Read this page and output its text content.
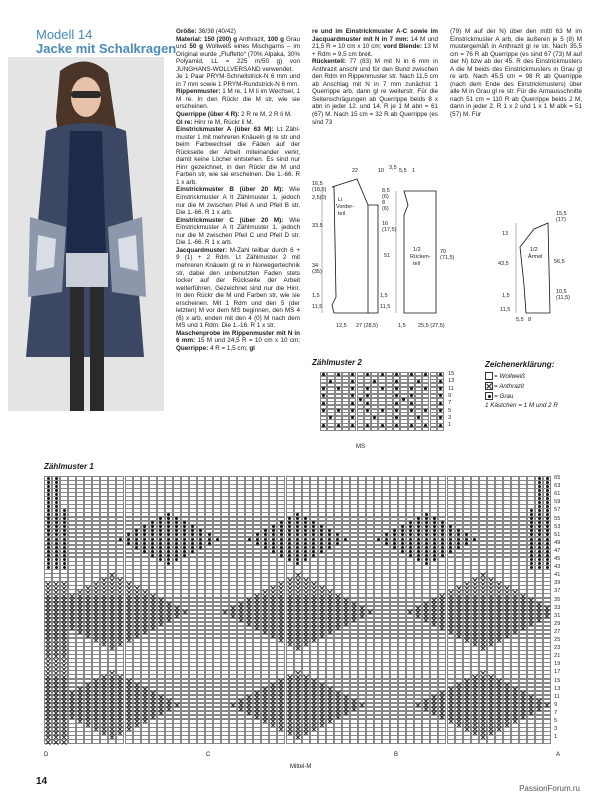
Modell 14
Jacke mit Schalkragen

Größe: 36/38 (40/42)

Material: 150 (200) g Anthrazit, 100 g Grau und 50 g Wollweiß eines Mischgarns – im Original wurde „Fluffetto“ (70% Alpaka, 30% Polyamid, LL = 225 m/50 g) von JUNGHANS-WOLLVERSAND verwendet.

Je 1 Paar PRYM-Schnellstrick-N 6 mm und in 7 mm sowie 1 PRYM-Rundstrick-N 6 mm.

Rippenmuster: 1 M re, 1 M li im Wechsel, 1 M re. In den Rückr die M str, wie sie erscheinen.

Querrippe (über 4 R): 2 R re M, 2 R li M.

Gl re: Hinr re M, Rückr li M.

Einstrickmuster A (über 63 M): Lt Zähl-muster 1 mit mehreren Knäueln gl re str und beim Farbwechsel die Fäden auf der Rückseite der Arbeit miteinander verkr, damit keine Löcher entstehen. Es sind nur Hinr gezeichnet, in den Rückr die M und Farben str, wie sie erscheinen. Die 1.-66. R 1 x arb.

Einstrickmuster B (über 20 M): Wie Einstrickmuster A lt Zählmuster 1, jedoch nur die M zwischen Pfeil A und Pfeil B str. Die 1.-66. R 1 x arb.

Einstrickmuster C (über 20 M): Wie Einstrickmuster A lt Zählmuster 1, jedoch nur die M zwischen Pfeil C und Pfeil D str. Die 1.-66. R 1 x arb.

Jacquardmuster: M-Zahl teilbar durch 6 + 9 (1) + 2 Rdm. Lt Zählmuster 2 mit mehreren Knäueln gl re in Norwegertechnik str, dabei den unbenutzten Faden stets locker auf der Rückseite der Arbeit weiterführen. Gezeichnet sind nur die Hinr. In den Rückr die M und Farben str, wie sie erscheinen. Mit 1 Rdm und den 5 (der letzten) M vor dem MS beginnen, den MS 4 (6) x arb, enden mit den 4 (0) M nach dem MS und 1 Rdm. Die 1.-16. R 1 x str.

Maschenprobe im Rippenmuster mit N in 6 mm: 15 M und 24,5 R = 10 cm x 10 cm; Querrippe: 4 R = 1,5 cm; gl

re und im Einstrickmuster A-C sowie im Jacquardmuster mit N in 7 mm: 14 M und 21,5 R = 10 cm x 10 cm; vord Blende: 13 M + Rdm = 9,5 cm breit.

Rückenteil: 77 (83) M mit N in 6 mm in Anthrazit anschl und für den Bund zwischen den Rdm im Rippenmuster str. Nach 11,5 cm ab Anschlag mit N in 7 mm zunächst 1 Querrippe arb, dann gl re weiterstr. Für die Seitenschrägungen ab Querrippe beids 8 x abn in jeder 12. und 14. R je 1 M abn = 61 (67) M. Nach 15 cm = 32 R ab Querrippe (es sind 73

(79) M auf der N) über den mittl 63 M im Einstrickmuster A arb, die äußeren je 5 (8) M mustergemäß in Anthrazit gl re str. Nach 35,5 cm = 76 R ab Querrippe (es sind 67 (73) M auf der N) bzw ab der 45. R des Einstrickmusters A die M beids des Einstrickmusters in Grau gl re arb. Nach 45,5 cm = 98 R ab Querrippe (nach dem Ende des Einstrickmusters) über alle M in Grau gl re str. Für die Armausschnitte nach 51 cm = 110 R ab Querrippe beids 2 M, dann in jeder 2. R 1 x 2 und 1 x 1 M abk = 51 (57) M. Für

Li
Vorder-
teil
1/2
Rücken-
teil
1/2
Ärmel
22	10 3,5 5,5 1
16,5
(18,5)
2,5(0)
33,5
34
(35)
1,5
11,5
8,5
(6)
8
(6)
16
(17,5)
51
70
(71,5)
1,5
11,5
12,5 27 (28,5)	25,5 (27,5)
1,5
15,5
(17)
13
43,5	56,5
1,5
10,5
(11,5)
8
11,5
5,5
Zählmuster 2
15
13
11
9
7
5
3
1
MS
Zeichenerklärung:
= Wollweiß
= Anthrazit
= Grau
1 Kästchen = 1 M und 2 R
Zählmuster 1
65
63
61
59
57
55
53
51
49
47
45
43
41
39
37
35
33
31
29
27
25
23
21
19
17
15
13
11
9
7
5
3
1
D	C
Mittel-M
B	A
14
PassionForum.ru
